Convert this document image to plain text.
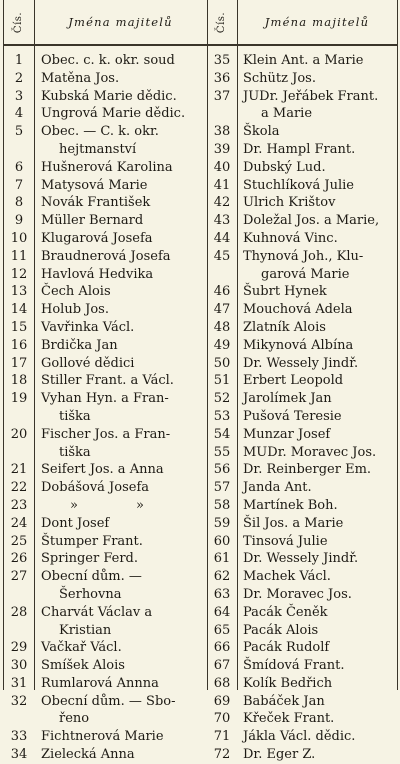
Čís.	Jména majitelů	Čís.	Jména majitelů
1	Obec. c. k. okr. soud
2	Matěna Jos.
3	Kubská Marie dědic.
4	Ungrová Marie dědic.
5	Obec. — C. k. okr.
hejtmanství
6	Hušnerová Karolina
7	Matysová Marie
8	Novák František
9	Müller Bernard
10	Klugarová Josefa
11	Braudnerová Josefa
12	Havlová Hedvika
13	Čech Alois
14	Holub Jos.
15	Vavřinka Václ.
16	Brdička Jan
17	Gollové dědici
18	Stiller Frant. a Václ.
19	Vyhan Hyn. a Fran-
tiška
20	Fischer Jos. a Fran-
tiška
21	Seifert Jos. a Anna
22	Dobášová Josefa
23	»	»
24	Dont Josef
25	Štumper Frant.
26	Springer Ferd.
27	Obecní dům. —
Šerhovna
28	Charvát Václav a
Kristian
29	Vačkař Václ.
30	Smíšek Alois
31	Rumlarová Annna
32	Obecní dům. — Sbo-
řeno
33	Fichtnerová Marie
34	Zielecká Anna
35 Klein Ant. a Marie
36 Schütz Jos.
37 JUDr. Jeřábek Frant.
a Marie
38 Škola
39 Dr. Hampl Frant.
40 Dubský Lud.
41 Stuchlíková Julie
42 Ulrich Krištov
43 Doležal Jos. a Marie,
44 Kuhnová Vinc.
45 Thynová Joh., Klu-
garová Marie
46 Šubrt Hynek
47 Mouchová Adela
48 Zlatník Alois
49 Mikynová Albína
50 Dr. Wessely Jindř.
51 Erbert Leopold
52 Jarolímek Jan
53 Pušová Teresie
54 Munzar Josef
55 MUDr. Moravec Jos.
56 Dr. Reinberger Em.
57 Janda Ant.
58 Martínek Boh.
59 Šil Jos. a Marie
60 Tinsová Julie
61 Dr. Wessely Jindř.
62 Machek Václ.
63 Dr. Moravec Jos.
64 Pacák Čeněk
65 Pacák Alois
66 Pacák Rudolf
67 Šmídová Frant.
68 Kolík Bedřich
69 Babáček Jan
70 Křeček Frant.
71 Jákla Václ. dědic.
72 Dr. Eger Z.
